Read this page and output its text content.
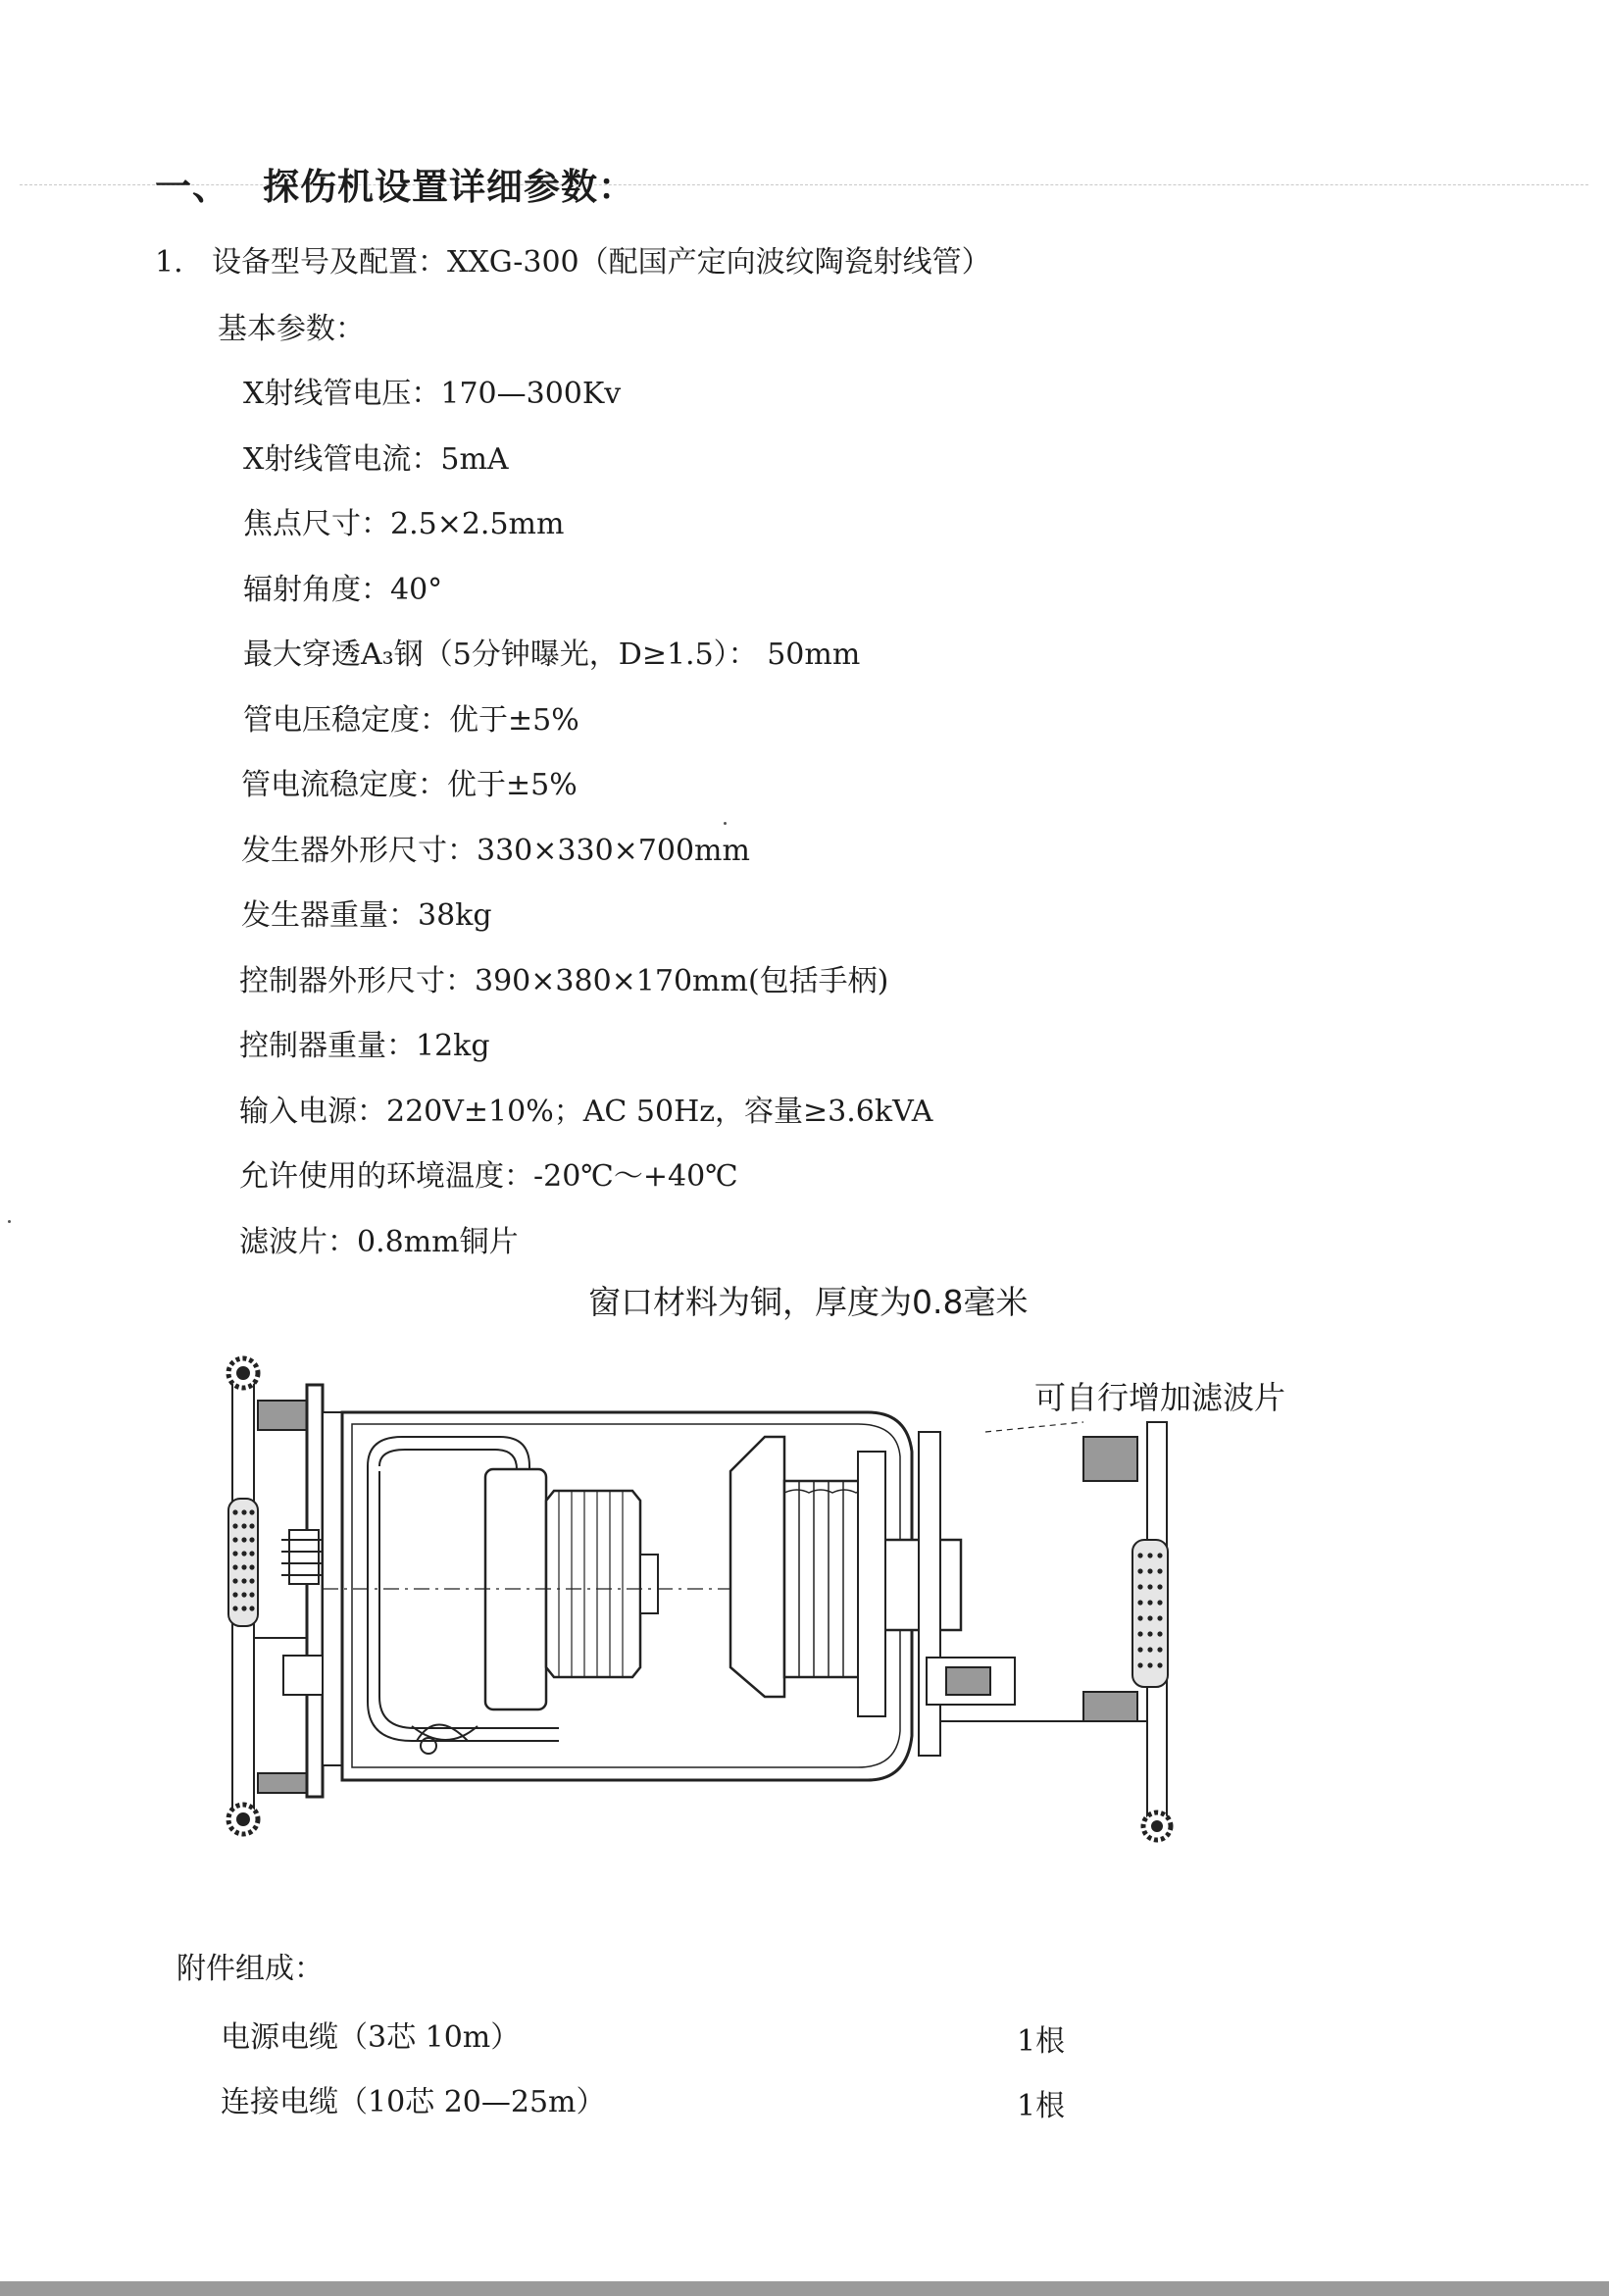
一、 探伤机设置详细参数：
1. 设备型号及配置：XXG-300（配国产定向波纹陶瓷射线管）
基本参数：
X射线管电压：170—300Kv
X射线管电流：5mA
焦点尺寸：2.5×2.5mm
辐射角度：40°
最大穿透A₃钢（5分钟曝光，D≥1.5）： 50mm
管电压稳定度：优于±5%
管电流稳定度：优于±5%
发生器外形尺寸：330×330×700mm
发生器重量：38kg
控制器外形尺寸：390×380×170mm(包括手柄)
控制器重量：12kg
输入电源：220V±10%；AC 50Hz，容量≥3.6kVA
允许使用的环境温度：-20℃～+40℃
滤波片：0.8mm铜片
窗口材料为铜，厚度为0.8毫米
可自行增加滤波片
附件组成：
电源电缆（3芯 10m）	1根
连接电缆（10芯 20—25m）	1根
